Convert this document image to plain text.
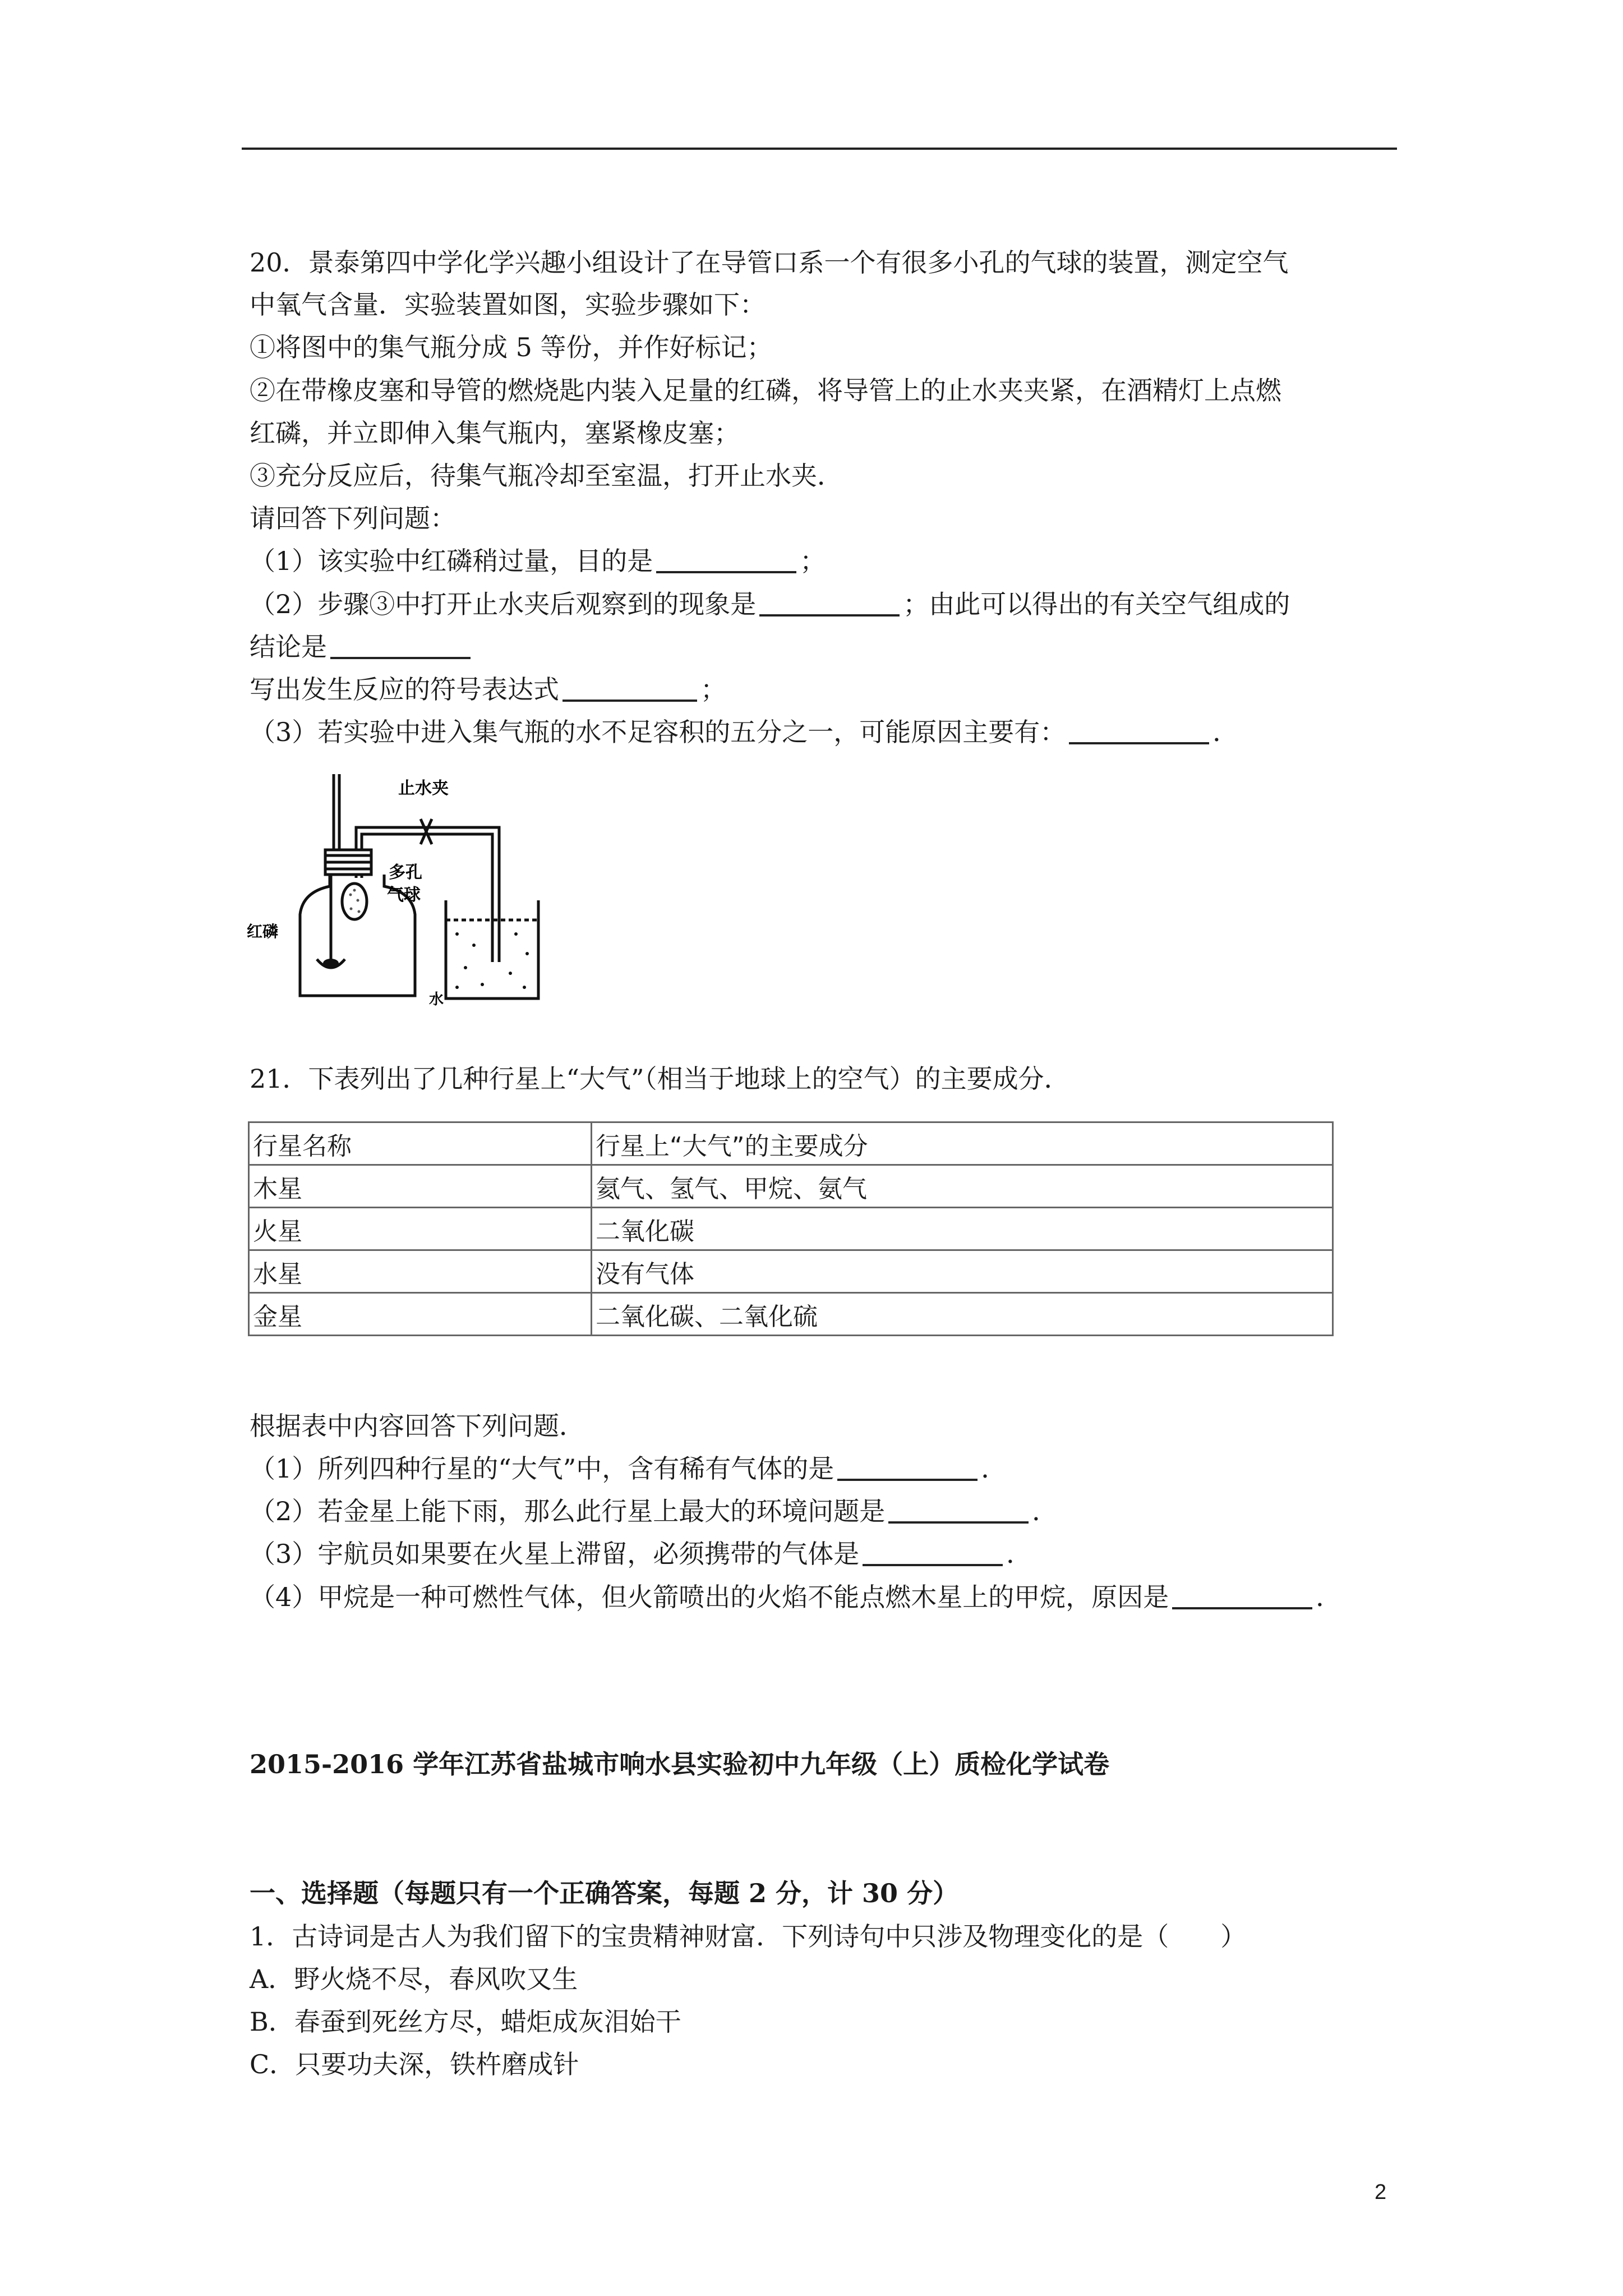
20．景泰第四中学化学兴趣小组设计了在导管口系一个有很多小孔的气球的装置，测定空气
中氧气含量．实验装置如图，实验步骤如下：
①将图中的集气瓶分成 5 等份，并作好标记；
②在带橡皮塞和导管的燃烧匙内装入足量的红磷，将导管上的止水夹夹紧，在酒精灯上点燃
红磷，并立即伸入集气瓶内，塞紧橡皮塞；
③充分反应后，待集气瓶冷却至室温，打开止水夹．
请回答下列问题：
（1）该实验中红磷稍过量，目的是	；
（2）步骤③中打开止水夹后观察到的现象是	；由此可以得出的有关空气组成的
结论是
写出发生反应的符号表达式	；
（3）若实验中进入集气瓶的水不足容积的五分之一，可能原因主要有：	．
止水夹
多孔
气球
红磷
水
21．下表列出了几种行星上“大气”（相当于地球上的空气）的主要成分．
行星名称	行星上“大气”的主要成分
木星	氦气、氢气、甲烷、氨气
火星	二氧化碳
水星	没有气体
金星	二氧化碳、二氧化硫
根据表中内容回答下列问题．
（1）所列四种行星的“大气”中，含有稀有气体的是	．
（2）若金星上能下雨，那么此行星上最大的环境问题是	．
（3）宇航员如果要在火星上滞留，必须携带的气体是	．
（4）甲烷是一种可燃性气体，但火箭喷出的火焰不能点燃木星上的甲烷，原因是	．
2015-2016 学年江苏省盐城市响水县实验初中九年级（上）质检化学试卷
一、选择题（每题只有一个正确答案，每题 2 分，计 30 分）
1．古诗词是古人为我们留下的宝贵精神财富．下列诗句中只涉及物理变化的是（　　）
A．野火烧不尽，春风吹又生
B．春蚕到死丝方尽，蜡炬成灰泪始干
C．只要功夫深，铁杵磨成针
2
